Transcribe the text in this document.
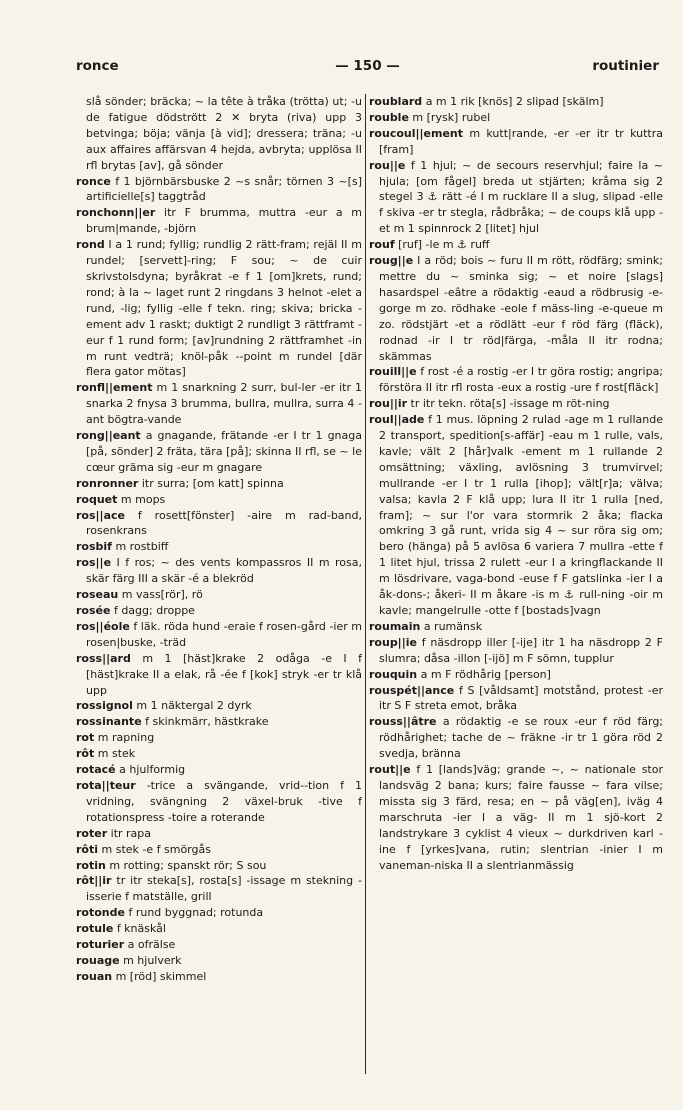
ronce	— 150 —	routinier

slå sönder; bräcka; ~ la tête à tråka (trötta) ut; -u de fatigue dödstrött 2 ✕ bryta (riva) upp 3 betvinga; böja; vänja [à vid]; dressera; träna; -u aux affaires affärsvan 4 hejda, avbryta; upplösa II rfl brytas [av], gå sönder

ronce f 1 björnbärsbuske 2 ~s snår; törnen 3 ~[s] artificielle[s] taggtråd

ronchonn||er itr F brumma, muttra -eur a m brum|mande, -björn

rond I a 1 rund; fyllig; rundlig 2 rätt-fram; rejäl II m rundel; [servett]-ring; F sou; ~ de cuir skrivstolsdyna; byråkrat -e f 1 [om]krets, rund; rond; à la ~ laget runt 2 ringdans 3 helnot -elet a rund, -lig; fyllig -elle f tekn. ring; skiva; bricka -ement adv 1 raskt; duktigt 2 rundligt 3 rättframt -eur f 1 rund form; [av]rundning 2 rättframhet -in m runt vedträ; knöl-påk --point m rundel [där flera gator mötas]

ronfl||ement m 1 snarkning 2 surr, bul-ler -er itr 1 snarka 2 fnysa 3 brumma, bullra, mullra, surra 4 -ant bögtra-vande

rong||eant a gnagande, frätande -er I tr 1 gnaga [på, sönder] 2 fräta, tära [på]; skinna II rfl, se ~ le cœur gräma sig -eur m gnagare

ronronner itr surra; [om katt] spinna

roquet m mops

ros||ace f rosett[fönster] -aire m rad-band, rosenkrans

rosbif m rostbiff

ros||e I f ros; ~ des vents kompassros II m rosa, skär färg III a skär -é a blekröd

roseau m vass[rör], rö

rosée f dagg; droppe

ros||éole f läk. röda hund -eraie f rosen-gård -ier m rosen|buske, -träd

ross||ard m 1 [häst]krake 2 odåga -e I f [häst]krake II a elak, rå -ée f [kok] stryk -er tr klå upp

rossignol m 1 näktergal 2 dyrk

rossinante f skinkmärr, hästkrake

rot m rapning

rôt m stek

rotacé a hjulformig

rota||teur -trice a svängande, vrid--tion f 1 vridning, svängning 2 växel-bruk -tive f rotationspress -toire a roterande

roter itr rapa

rôti m stek -e f smörgås

rotin m rotting; spanskt rör; S sou

rôt||ir tr itr steka[s], rosta[s] -issage m stekning -isserie f matställe, grill

rotonde f rund byggnad; rotunda

rotule f knäskål

roturier a ofrälse

rouage m hjulverk

rouan m [röd] skimmel

roublard a m 1 rik [knös] 2 slipad [skälm]

rouble m [rysk] rubel

roucoul||ement m kutt|rande, -er -er itr tr kuttra [fram]

rou||e f 1 hjul; ~ de secours reservhjul; faire la ~ hjula; [om fågel] breda ut stjärten; kråma sig 2 stegel 3 ⚓ rätt -é I m rucklare II a slug, slipad -elle f skiva -er tr stegla, rådbråka; ~ de coups klå upp -et m 1 spinnrock 2 [litet] hjul

rouf [ruf] -le m ⚓ ruff

roug||e I a röd; bois ~ furu II m rött, rödfärg; smink; mettre du ~ sminka sig; ~ et noire [slags] hasardspel -eâtre a rödaktig -eaud a rödbrusig -e-gorge m zo. rödhake -eole f mäss-ling -e-queue m zo. rödstjärt -et a rödlätt -eur f röd färg (fläck), rodnad -ir I tr röd|färga, -måla II itr rodna; skämmas

rouill||e f rost -é a rostig -er I tr göra rostig; angripa; förstöra II itr rfl rosta -eux a rostig -ure f rost[fläck]

rou||ir tr itr tekn. röta[s] -issage m röt-ning

roul||ade f 1 mus. löpning 2 rulad -age m 1 rullande 2 transport, spedition[s-affär] -eau m 1 rulle, vals, kavle; vält 2 [hår]valk -ement m 1 rullande 2 omsättning; växling, avlösning 3 trumvirvel; mullrande -er I tr 1 rulla [ihop]; vält[r]a; välva; valsa; kavla 2 F klå upp; lura II itr 1 rulla [ned, fram]; ~ sur l'or vara stormrik 2 åka; flacka omkring 3 gå runt, vrida sig 4 ~ sur röra sig om; bero (hänga) på 5 avlösa 6 variera 7 mullra -ette f 1 litet hjul, trissa 2 rulett -eur I a kringflackande II m lösdrivare, vaga-bond -euse f F gatslinka -ier I a åk-dons-; åkeri- II m åkare -is m ⚓ rull-ning -oir m kavle; mangelrulle -otte f [bostads]vagn

roumain a rumänsk

roup||ie f näsdropp iller [-ije] itr 1 ha näsdropp 2 F slumra; dåsa -illon [-ijö] m F sömn, tupplur

rouquin a m F rödhårig [person]

rouspét||ance f S [våldsamt] motstånd, protest -er itr S F streta emot, bråka

rouss||âtre a rödaktig -e se roux -eur f röd färg; rödhårighet; tache de ~ fräkne -ir tr 1 göra röd 2 svedja, bränna

rout||e f 1 [lands]väg; grande ~, ~ nationale stor landsväg 2 bana; kurs; faire fausse ~ fara vilse; missta sig 3 färd, resa; en ~ på väg[en], iväg 4 marschruta -ier I a väg- II m 1 sjö-kort 2 landstrykare 3 cyklist 4 vieux ~ durkdriven karl -ine f [yrkes]vana, rutin; slentrian -inier I m vaneman-niska II a slentrianmässig
